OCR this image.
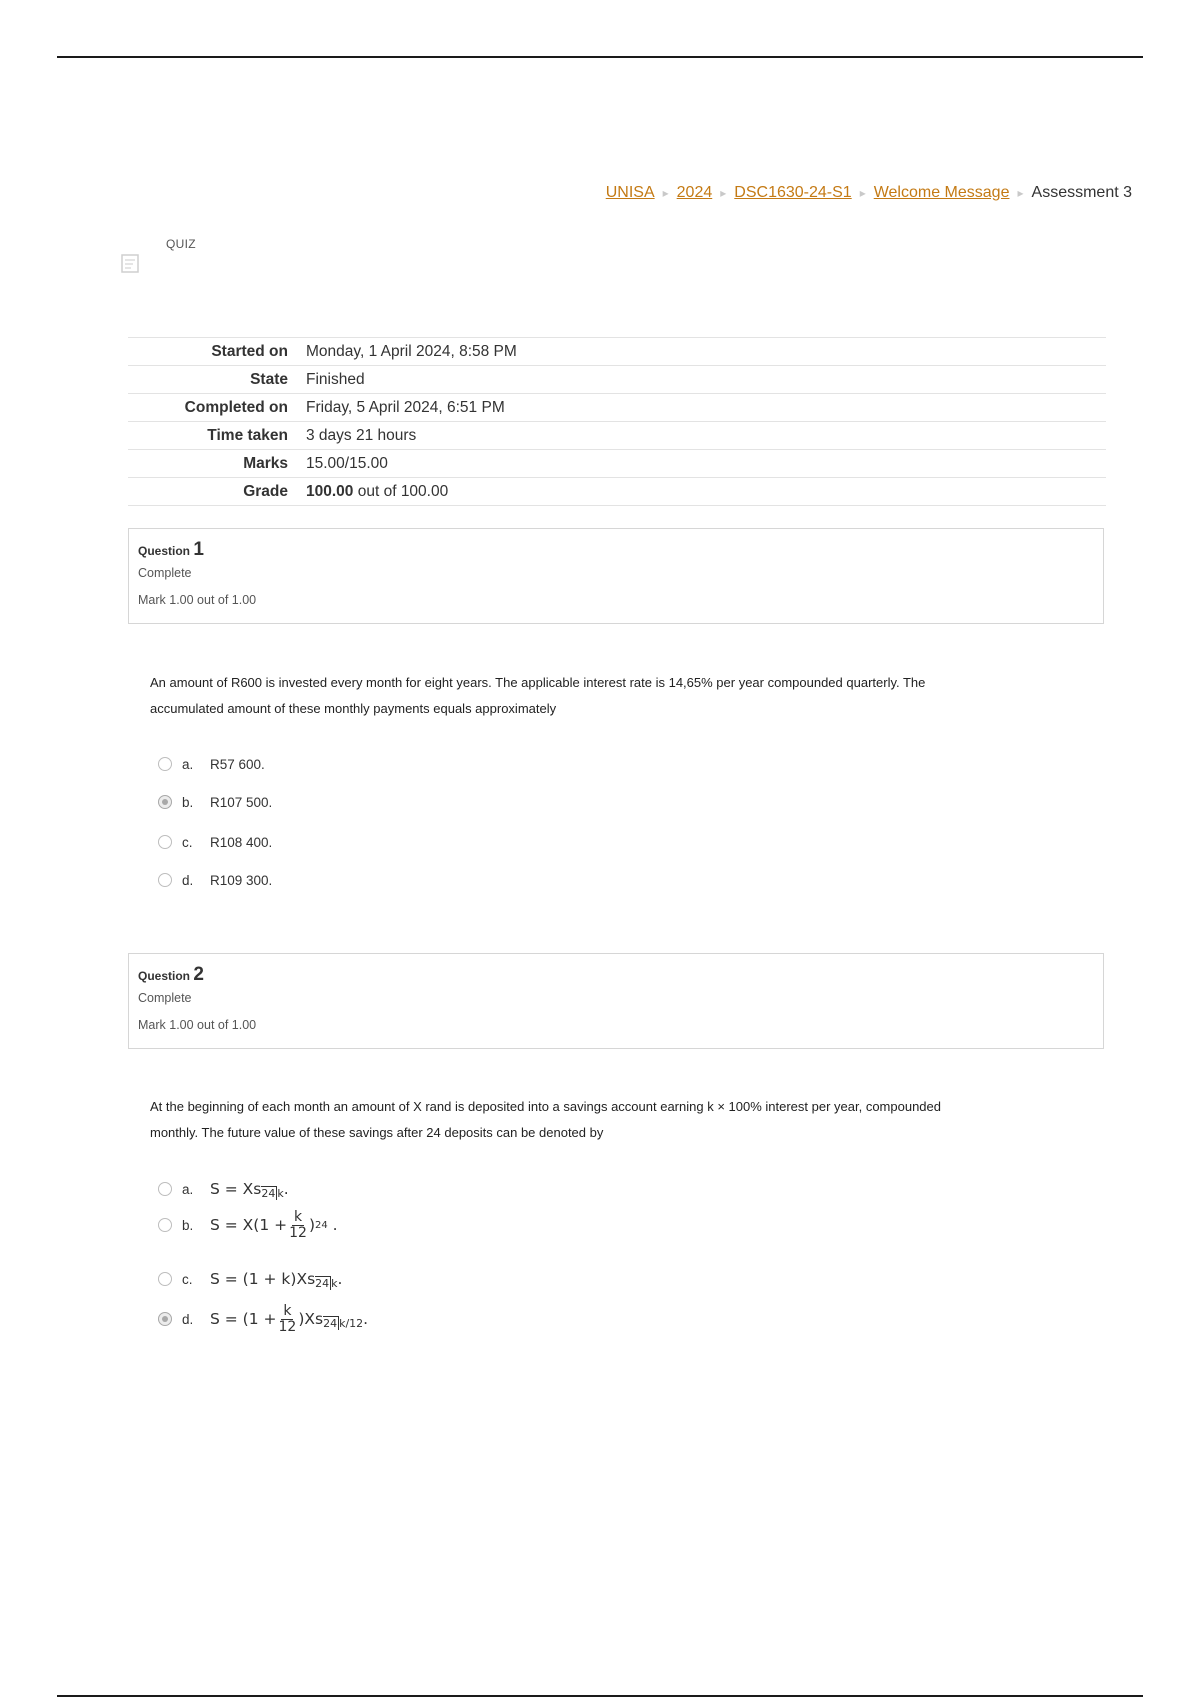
UNISA ▸ 2024 ▸ DSC1630-24-S1 ▸ Welcome Message ▸ Assessment 3
QUIZ
Started on	Monday, 1 April 2024, 8:58 PM
State	Finished
Completed on	Friday, 5 April 2024, 6:51 PM
Time taken	3 days 21 hours
Marks	15.00/15.00
Grade	100.00 out of 100.00
Question 1
Complete
Mark 1.00 out of 1.00
An amount of R600 is invested every month for eight years. The applicable interest rate is 14,65% per year compounded quarterly. The
accumulated amount of these monthly payments equals approximately
a.	R57 600.
b.	R107 500.
c.	R108 400.
d.	R109 300.
Question 2
Complete
Mark 1.00 out of 1.00
At the beginning of each month an amount of X rand is deposited into a savings account earning k × 100% interest per year, compounded
monthly. The future value of these savings after 24 deposits can be denoted by
a.	S = Xs 24 k .
b.	$S = X(1 + \frac{k}{12}$ ) 24 .
c.	S = (1 + k)Xs 24 k .
d.	$S = (1 + \frac{k}{12} )Xs$ 24 k/12 .
